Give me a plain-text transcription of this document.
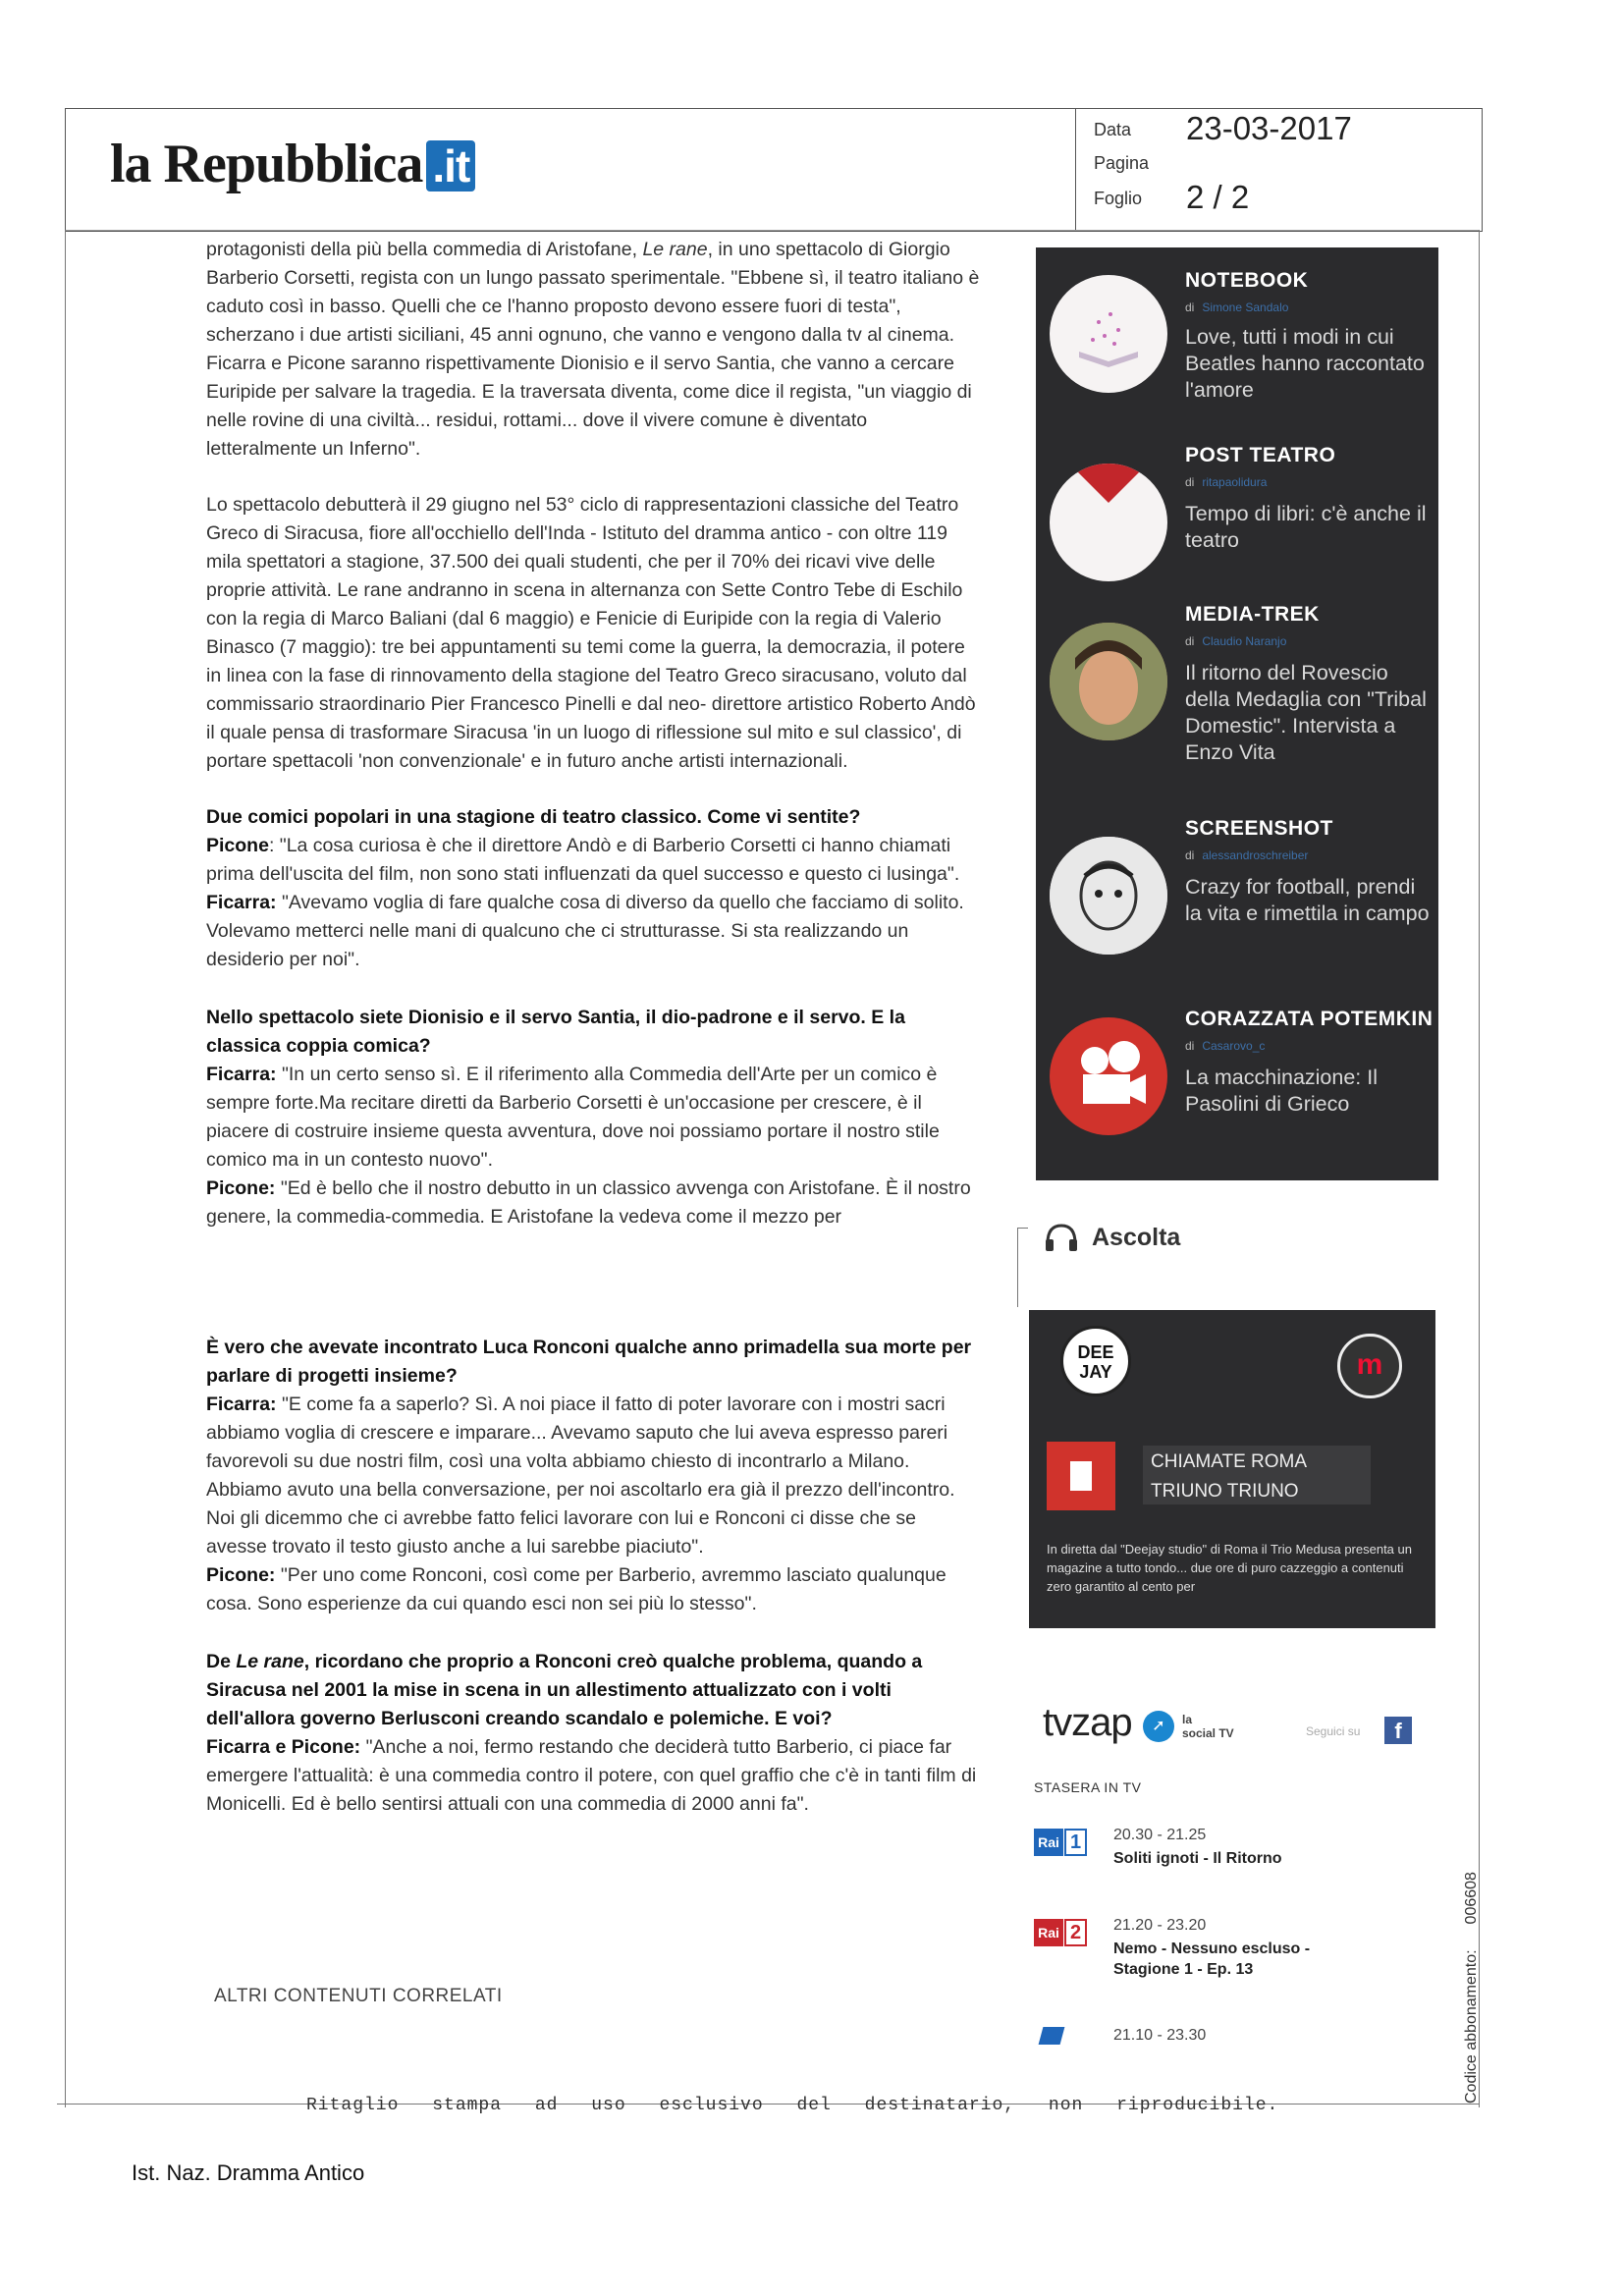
la Repubblica .it
Data 23-03-2017
Pagina
Foglio 2 / 2

protagonisti della più bella commedia di Aristofane, Le rane, in uno spettacolo di Giorgio Barberio Corsetti, regista con un lungo passato sperimentale. "Ebbene sì, il teatro italiano è caduto così in basso. Quelli che ce l'hanno proposto devono essere fuori di testa", scherzano i due artisti siciliani, 45 anni ognuno, che vanno e vengono dalla tv al cinema. Ficarra e Picone saranno rispettivamente Dionisio e il servo Santia, che vanno a cercare Euripide per salvare la tragedia. E la traversata diventa, come dice il regista, "un viaggio di nelle rovine di una civiltà... residui, rottami... dove il vivere comune è diventato letteralmente un Inferno".

Lo spettacolo debutterà il 29 giugno nel 53° ciclo di rappresentazioni classiche del Teatro Greco di Siracusa, fiore all'occhiello dell'Inda - Istituto del dramma antico - con oltre 119 mila spettatori a stagione, 37.500 dei quali studenti, che per il 70% dei ricavi vive delle proprie attività. Le rane andranno in scena in alternanza con Sette Contro Tebe di Eschilo con la regia di Marco Baliani (dal 6 maggio) e Fenicie di Euripide con la regia di Valerio Binasco (7 maggio): tre bei appuntamenti su temi come la guerra, la democrazia, il potere in linea con la fase di rinnovamento della stagione del Teatro Greco siracusano, voluto dal commissario straordinario Pier Francesco Pinelli e dal neo- direttore artistico Roberto Andò il quale pensa di trasformare Siracusa 'in un luogo di riflessione sul mito e sul classico', di portare spettacoli 'non convenzionale' e in futuro anche artisti internazionali.

Due comici popolari in una stagione di teatro classico. Come vi sentite?

Picone: "La cosa curiosa è che il direttore Andò e di Barberio Corsetti ci hanno chiamati prima dell'uscita del film, non sono stati influenzati da quel successo e questo ci lusinga".

Ficarra: "Avevamo voglia di fare qualche cosa di diverso da quello che facciamo di solito. Volevamo metterci nelle mani di qualcuno che ci strutturasse. Si sta realizzando un desiderio per noi".

Nello spettacolo siete Dionisio e il servo Santia, il dio-padrone e il servo. E la classica coppia comica?

Ficarra: "In un certo senso sì. E il riferimento alla Commedia dell'Arte per un comico è sempre forte.Ma recitare diretti da Barberio Corsetti è un'occasione per crescere, è il piacere di costruire insieme questa avventura, dove noi possiamo portare il nostro stile comico ma in un contesto nuovo".

Picone: "Ed è bello che il nostro debutto in un classico avvenga con Aristofane. È il nostro genere, la commedia-commedia. E Aristofane la vedeva come il mezzo per

È vero che avevate incontrato Luca Ronconi qualche anno primadella sua morte per parlare di progetti insieme?

Ficarra: "E come fa a saperlo? Sì. A noi piace il fatto di poter lavorare con i mostri sacri abbiamo voglia di crescere e imparare... Avevamo saputo che lui aveva espresso pareri favorevoli su due nostri film, così una volta abbiamo chiesto di incontrarlo a Milano. Abbiamo avuto una bella conversazione, per noi ascoltarlo era già il prezzo dell'incontro. Noi gli dicemmo che ci avrebbe fatto felici lavorare con lui e Ronconi ci disse che se avesse trovato il testo giusto anche a lui sarebbe piaciuto".

Picone: "Per uno come Ronconi, così come per Barberio, avremmo lasciato qualunque cosa. Sono esperienze da cui quando esci non sei più lo stesso".

De Le rane, ricordano che proprio a Ronconi creò qualche problema, quando a Siracusa nel 2001 la mise in scena in un allestimento attualizzato con i volti dell'allora governo Berlusconi creando scandalo e polemiche. E voi?

Ficarra e Picone: "Anche a noi, fermo restando che deciderà tutto Barberio, ci piace far emergere l'attualità: è una commedia contro il potere, con quel graffio che c'è in tanti film di Monicelli. Ed è bello sentirsi attuali con una commedia di 2000 anni fa".

ALTRI CONTENUTI CORRELATI
NOTEBOOK
di Simone Sandalo
Love, tutti i modi in cui Beatles hanno raccontato l'amore
POST TEATRO
di ritapaolidura
Tempo di libri: c'è anche il teatro
MEDIA-TREK
di Claudio Naranjo
Il ritorno del Rovescio della Medaglia con "Tribal Domestic". Intervista a Enzo Vita
SCREENSHOT
di alessandroschreiber
Crazy for football, prendi la vita e rimettila in campo
CORAZZATA POTEMKIN
di Casarovo_c
La macchinazione: Il Pasolini di Grieco
Ascolta
DEE
JAY	m
CHIAMATE ROMA TRIUNO TRIUNO
In diretta dal "Deejay studio" di Roma il Trio Medusa presenta un magazine a tutto tondo... due ore di puro cazzeggio a contenuti zero garantito al cento per
tvzap	➚	la
social TV	Seguici su	f
STASERA IN TV
Rai 1	20.30 - 21.25
Soliti ignoti - Il Ritorno
Rai 2	21.20 - 23.20
Nemo - Nessuno escluso - Stagione 1 - Ep. 13
21.10 - 23.30
Ritaglio stampa ad uso esclusivo del destinatario, non riproducibile.
Codice abbonamento:006608
Ist. Naz. Dramma Antico
